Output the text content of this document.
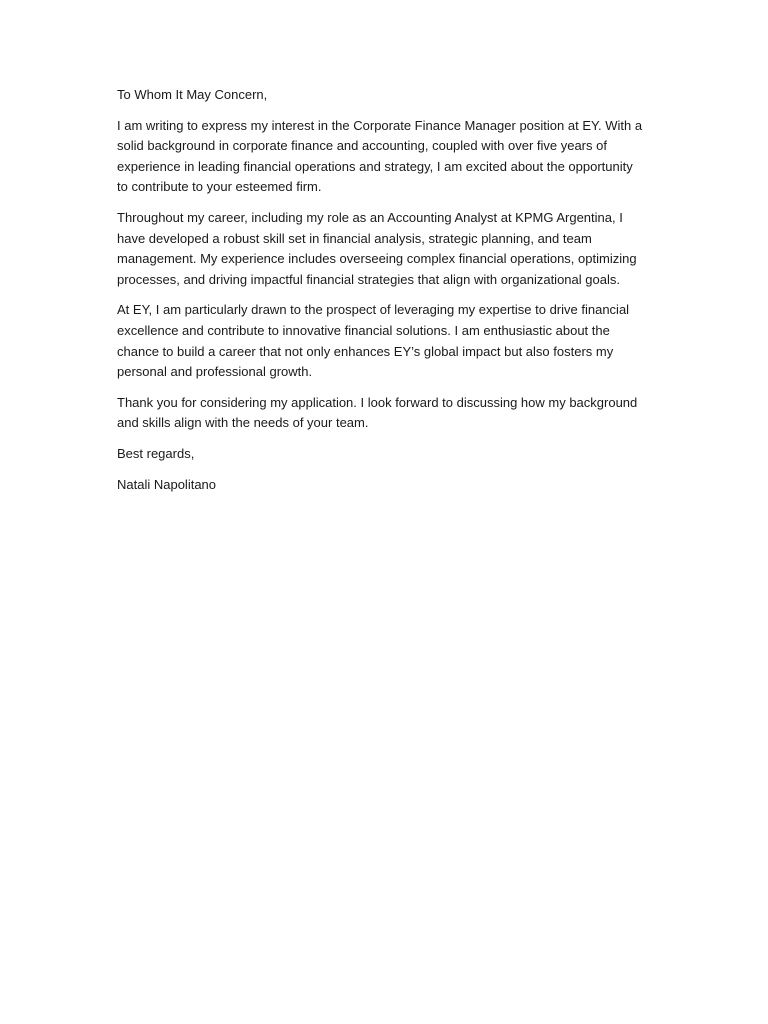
To Whom It May Concern,

I am writing to express my interest in the Corporate Finance Manager position at EY. With a solid background in corporate finance and accounting, coupled with over five years of experience in leading financial operations and strategy, I am excited about the opportunity to contribute to your esteemed firm.

Throughout my career, including my role as an Accounting Analyst at KPMG Argentina, I have developed a robust skill set in financial analysis, strategic planning, and team management. My experience includes overseeing complex financial operations, optimizing processes, and driving impactful financial strategies that align with organizational goals.

At EY, I am particularly drawn to the prospect of leveraging my expertise to drive financial excellence and contribute to innovative financial solutions. I am enthusiastic about the chance to build a career that not only enhances EY’s global impact but also fosters my personal and professional growth.

Thank you for considering my application. I look forward to discussing how my background and skills align with the needs of your team.

Best regards,

Natali Napolitano
